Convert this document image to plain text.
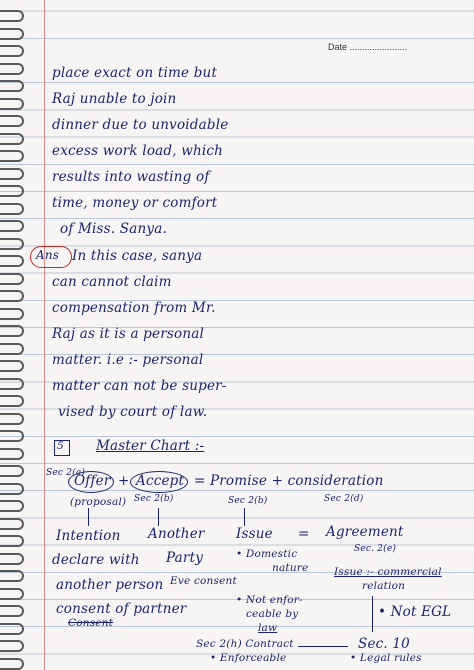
Date .......................
place exact on time but
Raj unable to join
dinner due to unvoidable
excess work load, which
results into wasting of
time, money or comfort
of Miss. Sanya.
Ans In this case, sanya
can cannot claim
compensation from Mr.
Raj as it is a personal
matter. i.e :- personal
matter can not be super-
vised by court of law.
5 Master Chart :-
Sec 2(a)
Offer + Accept = Promise + consideration
(proposal) Sec 2(b)	Sec 2(b)	Sec 2(d)
Intention Another Issue = Agreement
Sec. 2(e)
declare with Party	• Domestic
nature
another person Eve consent
Issue :- commercial
relation
consent of partner
Consent
• Not enfor-
ceable by
law
• Not EGL
Sec 2(h) Contract	Sec. 10
• Enforceable	• Legal rules
